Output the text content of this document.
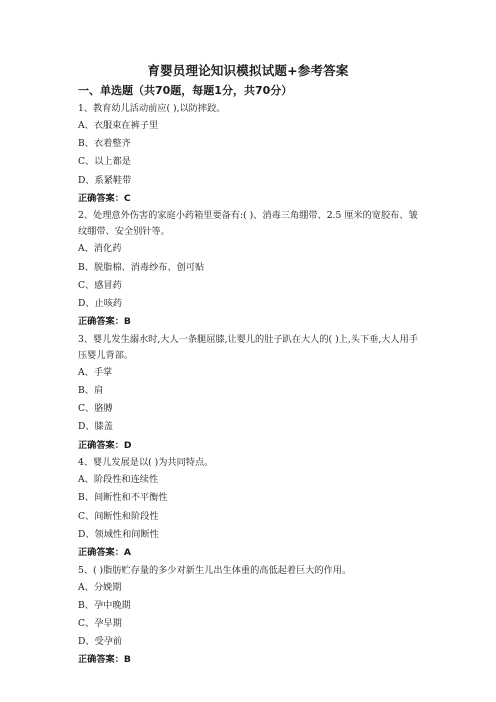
育婴员理论知识模拟试题+参考答案
一、单选题（共70题，每题1分，共70分）
1、教育幼儿活动前应( ),以防摔跤。
A、衣服束在裤子里
B、衣着整齐
C、以上都是
D、系紧鞋带
正确答案：C
2、处理意外伤害的家庭小药箱里要备有:( )、消毒三角绷带、2.5 厘米的宽胶布、皱纹绷带、安全别针等。
A、消化药
B、脱脂棉、消毒纱布、创可贴
C、感冒药
D、止咳药
正确答案：B
3、婴儿发生溺水时,大人一条腿屈膝,让婴儿的肚子趴在大人的( )上,头下垂,大人用手压婴儿背部。
A、手掌
B、肩
C、胳膊
D、膝盖
正确答案：D
4、婴儿发展是以( )为共同特点。
A、阶段性和连续性
B、间断性和不平衡性
C、间断性和阶段性
D、领域性和间断性
正确答案：A
5、( )脂肪贮存量的多少对新生儿出生体重的高低起着巨大的作用。
A、分娩期
B、孕中晚期
C、孕早期
D、受孕前
正确答案：B
